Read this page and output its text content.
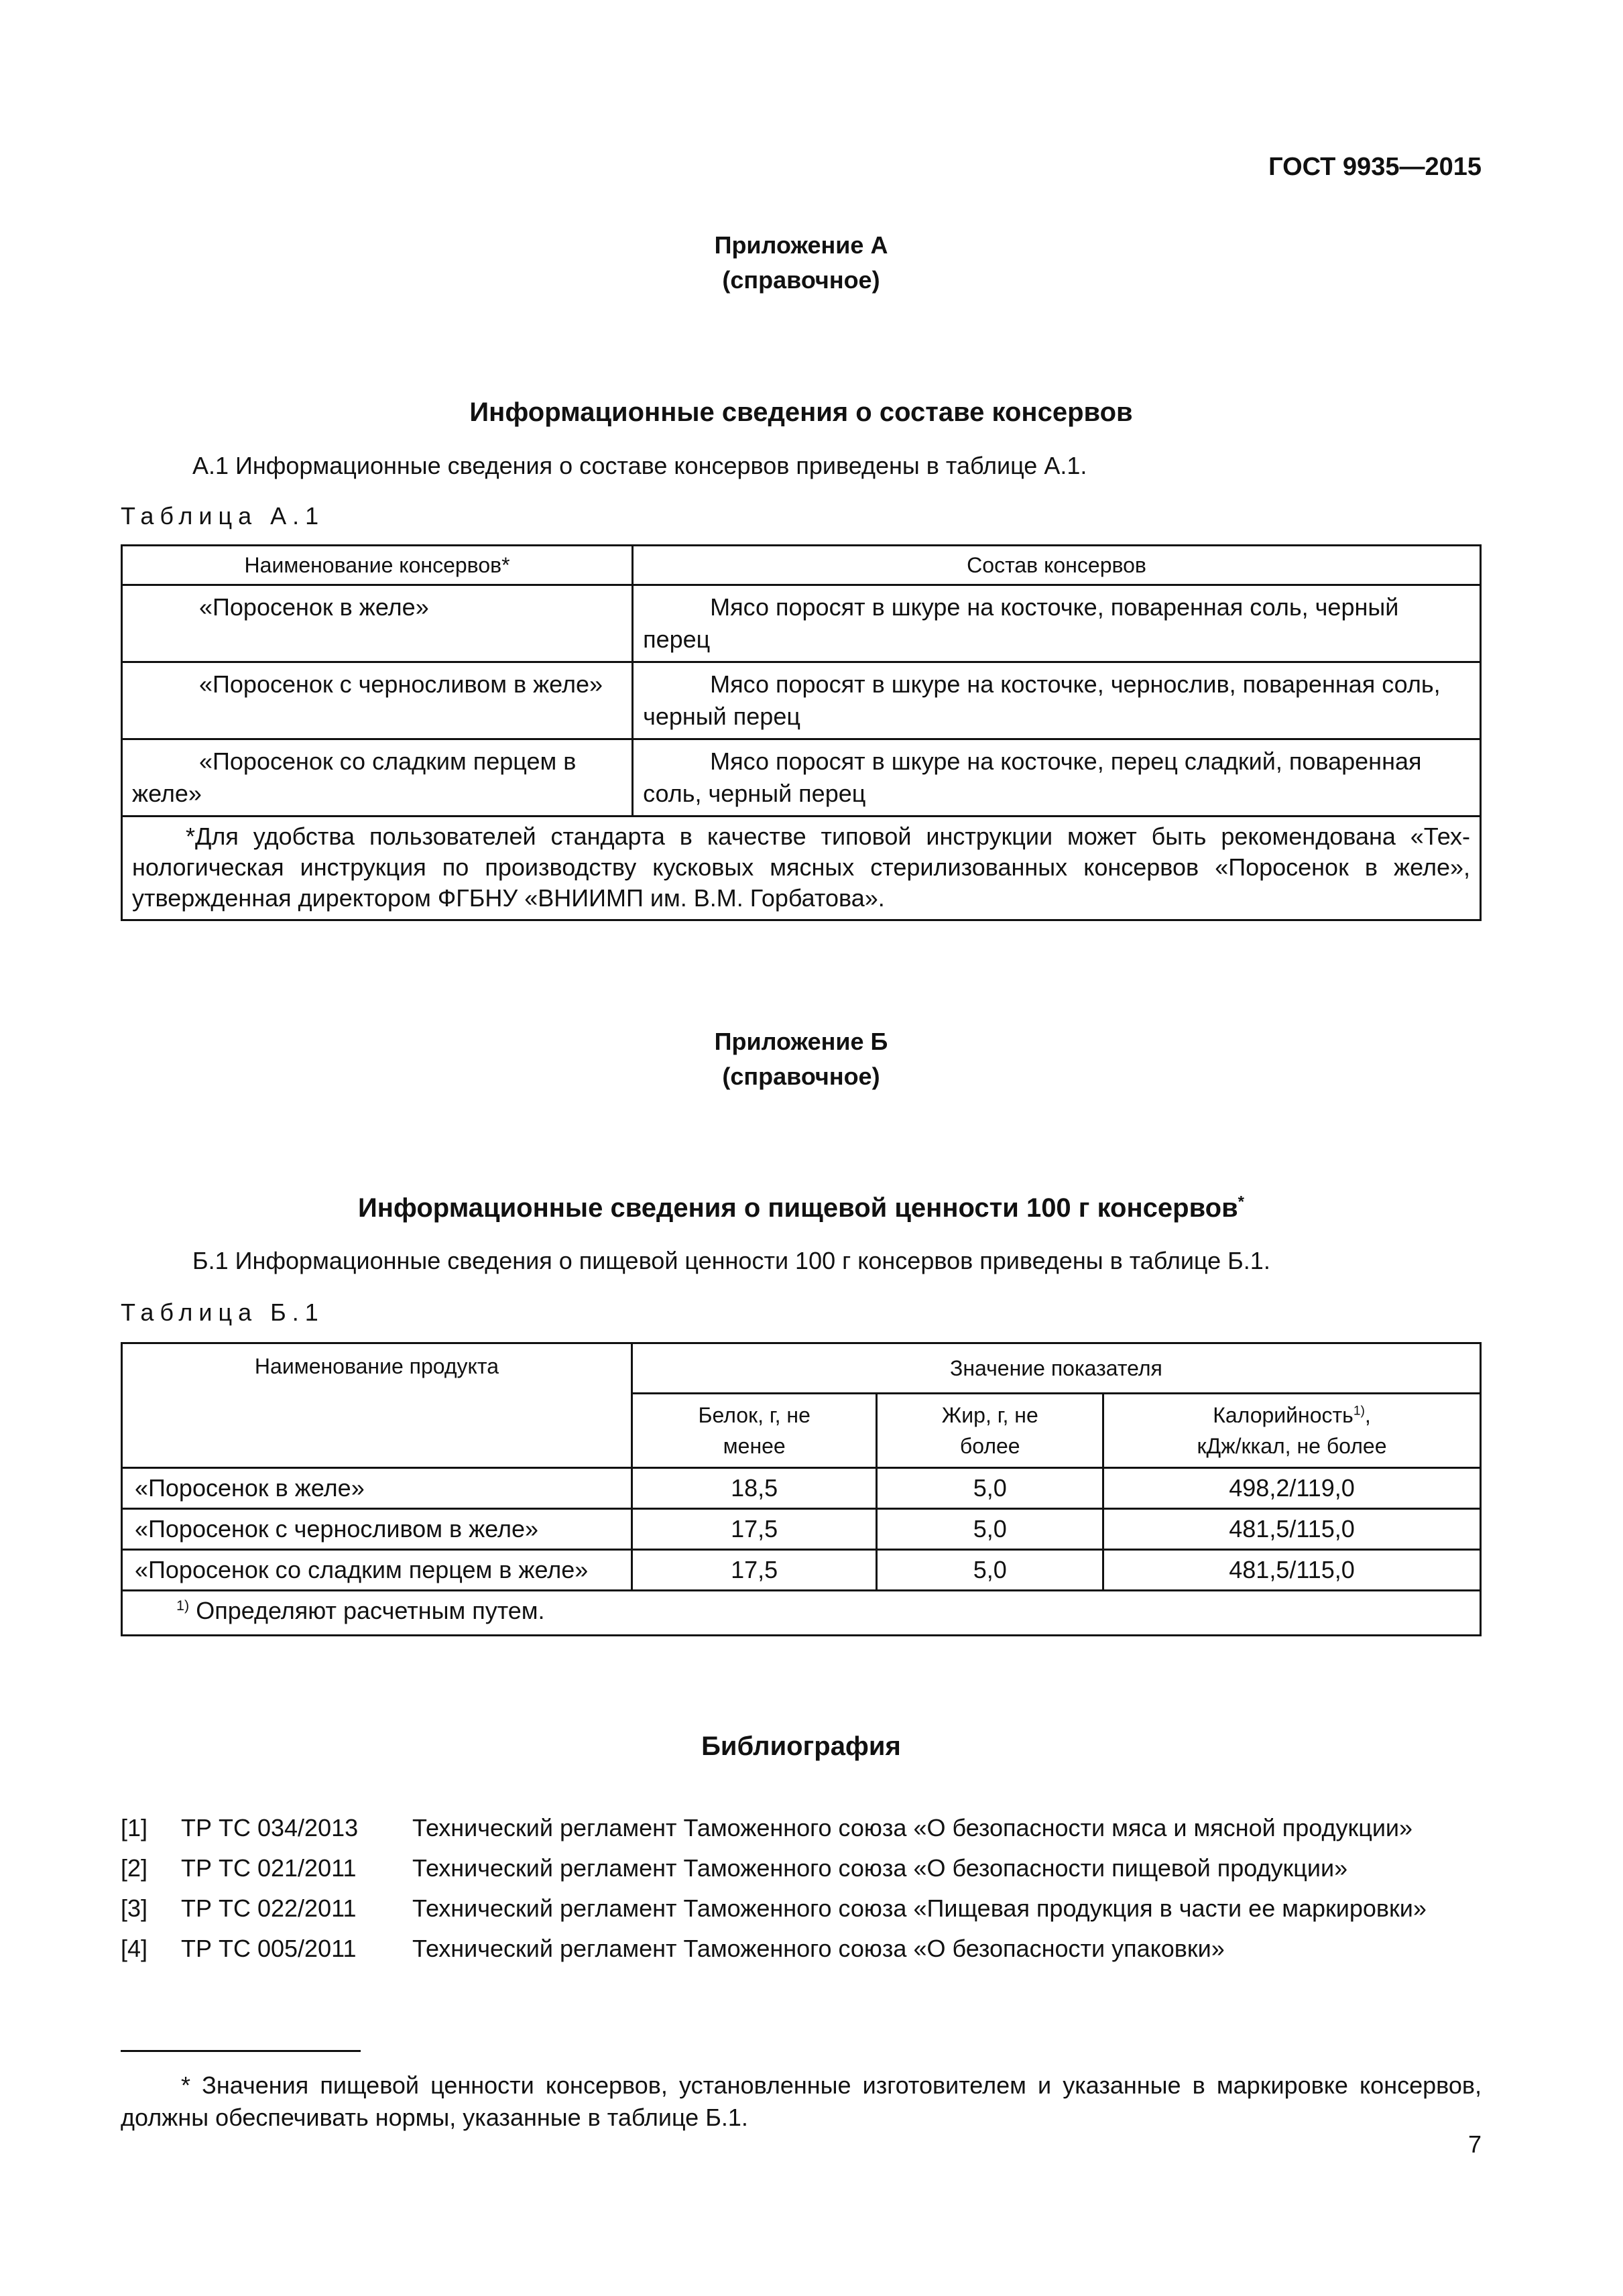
ГОСТ 9935—2015
Приложение А
(справочное)
Информационные сведения о составе консервов
А.1 Информационные сведения о составе консервов приведены в таблице А.1.
Таблица А.1
Наименование консервов*	Состав консервов
«Поросенок в желе»	Мясо поросят в шкуре на косточке, поваренная соль, черный перец
«Поросенок с черносливом в желе»	Мясо поросят в шкуре на косточке, чернослив, поваренная соль, черный перец
«Поросенок со сладким перцем в желе»	Мясо поросят в шкуре на косточке, перец сладкий, поваренная соль, черный перец
*Для удобства пользователей стандарта в качестве типовой инструкции может быть рекомендована «Технологическая инструкция по производству кусковых мясных стерилизованных консервов «Поросенок в желе», утвержденная директором ФГБНУ «ВНИИМП им. В.М. Горбатова».	
Приложение Б
(справочное)
Информационные сведения о пищевой ценности 100 г консервов*
Б.1 Информационные сведения о пищевой ценности 100 г консервов приведены в таблице Б.1.
Таблица Б.1
Наименование продукта	Значение показателя		

	Белок, г, не менее	Жир, г, не более	Калорийность$^{1)}$,
кДж/ккал, не более

«Поросенок в желе»	18,5	5,0	498,2/119,0
«Поросенок с черносливом в желе»	17,5	5,0	481,5/115,0
«Поросенок со сладким перцем в желе»	17,5	5,0	481,5/115,0
$^{1)}$ Определяют расчетным путем.			
Библиография
[1] ТР ТС 034/2013 Технический регламент Таможенного союза «О безопасности мяса и мясной продукции»
[2] ТР ТС 021/2011 Технический регламент Таможенного союза «О безопасности пищевой продукции»
[3] ТР ТС 022/2011 Технический регламент Таможенного союза «Пищевая продукция в части ее маркировки»
[4] ТР ТС 005/2011 Технический регламент Таможенного союза «О безопасности упаковки»
* Значения пищевой ценности консервов, установленные изготовителем и указанные в маркировке консервов, должны обеспечивать нормы, указанные в таблице Б.1.
7
